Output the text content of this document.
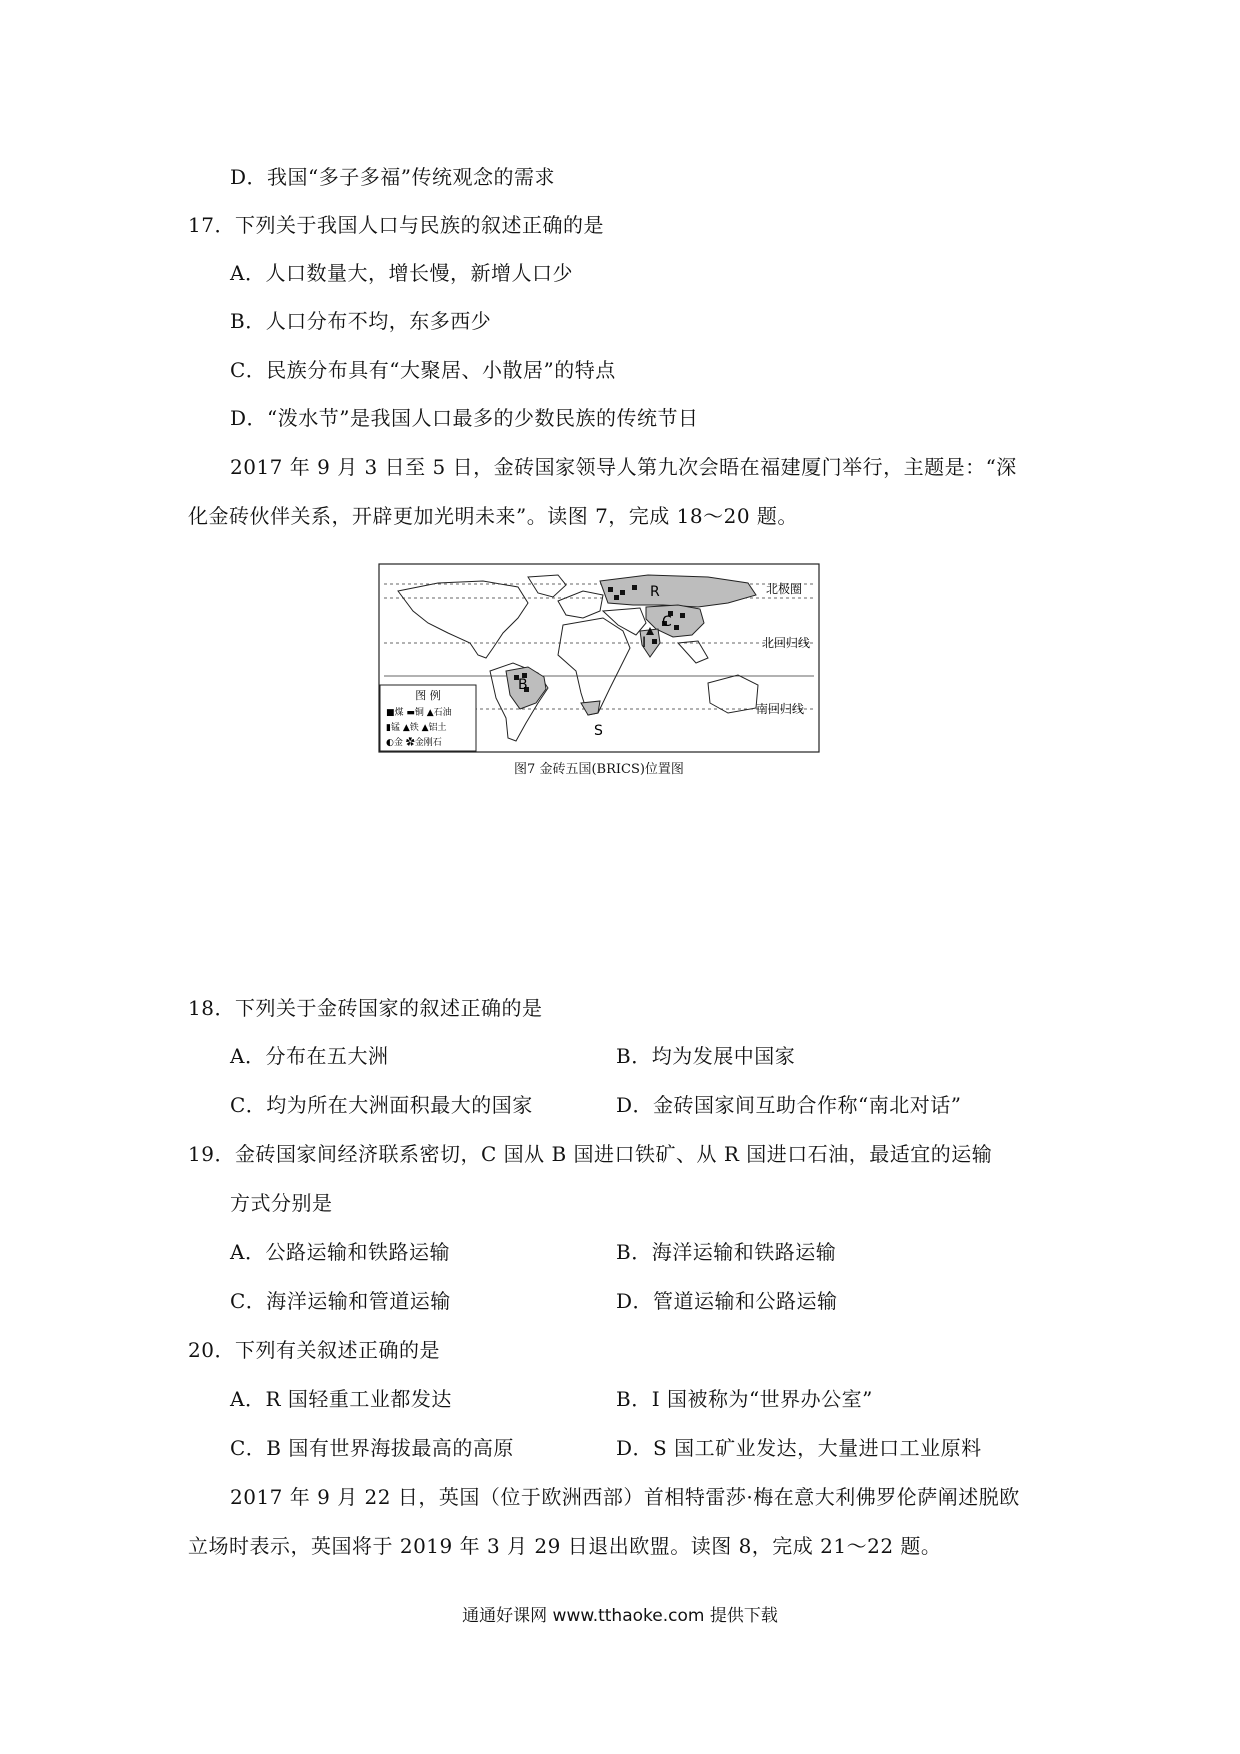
D．我国“多子多福”传统观念的需求
17．下列关于我国人口与民族的叙述正确的是
A．人口数量大，增长慢，新增人口少
B．人口分布不均，东多西少
C．民族分布具有“大聚居、小散居”的特点
D．“泼水节”是我国人口最多的少数民族的传统节日
2017 年 9 月 3 日至 5 日，金砖国家领导人第九次会晤在福建厦门举行，主题是：“深
化金砖伙伴关系，开辟更加光明未来”。读图 7，完成 18～20 题。
R
C
I
B
S
北极圈
北回归线
南回归线
图 例
■煤 ▬铜 ▲石油
▮锰 ▲铁 ▲铝土
◐金 ✿金刚石
图7 金砖五国(BRICS)位置图
18．下列关于金砖国家的叙述正确的是
A．分布在五大洲	B．均为发展中国家
C．均为所在大洲面积最大的国家	D．金砖国家间互助合作称“南北对话”
19．金砖国家间经济联系密切，C 国从 B 国进口铁矿、从 R 国进口石油，最适宜的运输
方式分别是
A．公路运输和铁路运输	B．海洋运输和铁路运输
C．海洋运输和管道运输	D．管道运输和公路运输
20．下列有关叙述正确的是
A．R 国轻重工业都发达	B．I 国被称为“世界办公室”
C．B 国有世界海拔最高的高原	D．S 国工矿业发达，大量进口工业原料
2017 年 9 月 22 日，英国（位于欧洲西部）首相特雷莎·梅在意大利佛罗伦萨阐述脱欧
立场时表示，英国将于 2019 年 3 月 29 日退出欧盟。读图 8，完成 21～22 题。
通通好课网 www.tthaoke.com 提供下载
